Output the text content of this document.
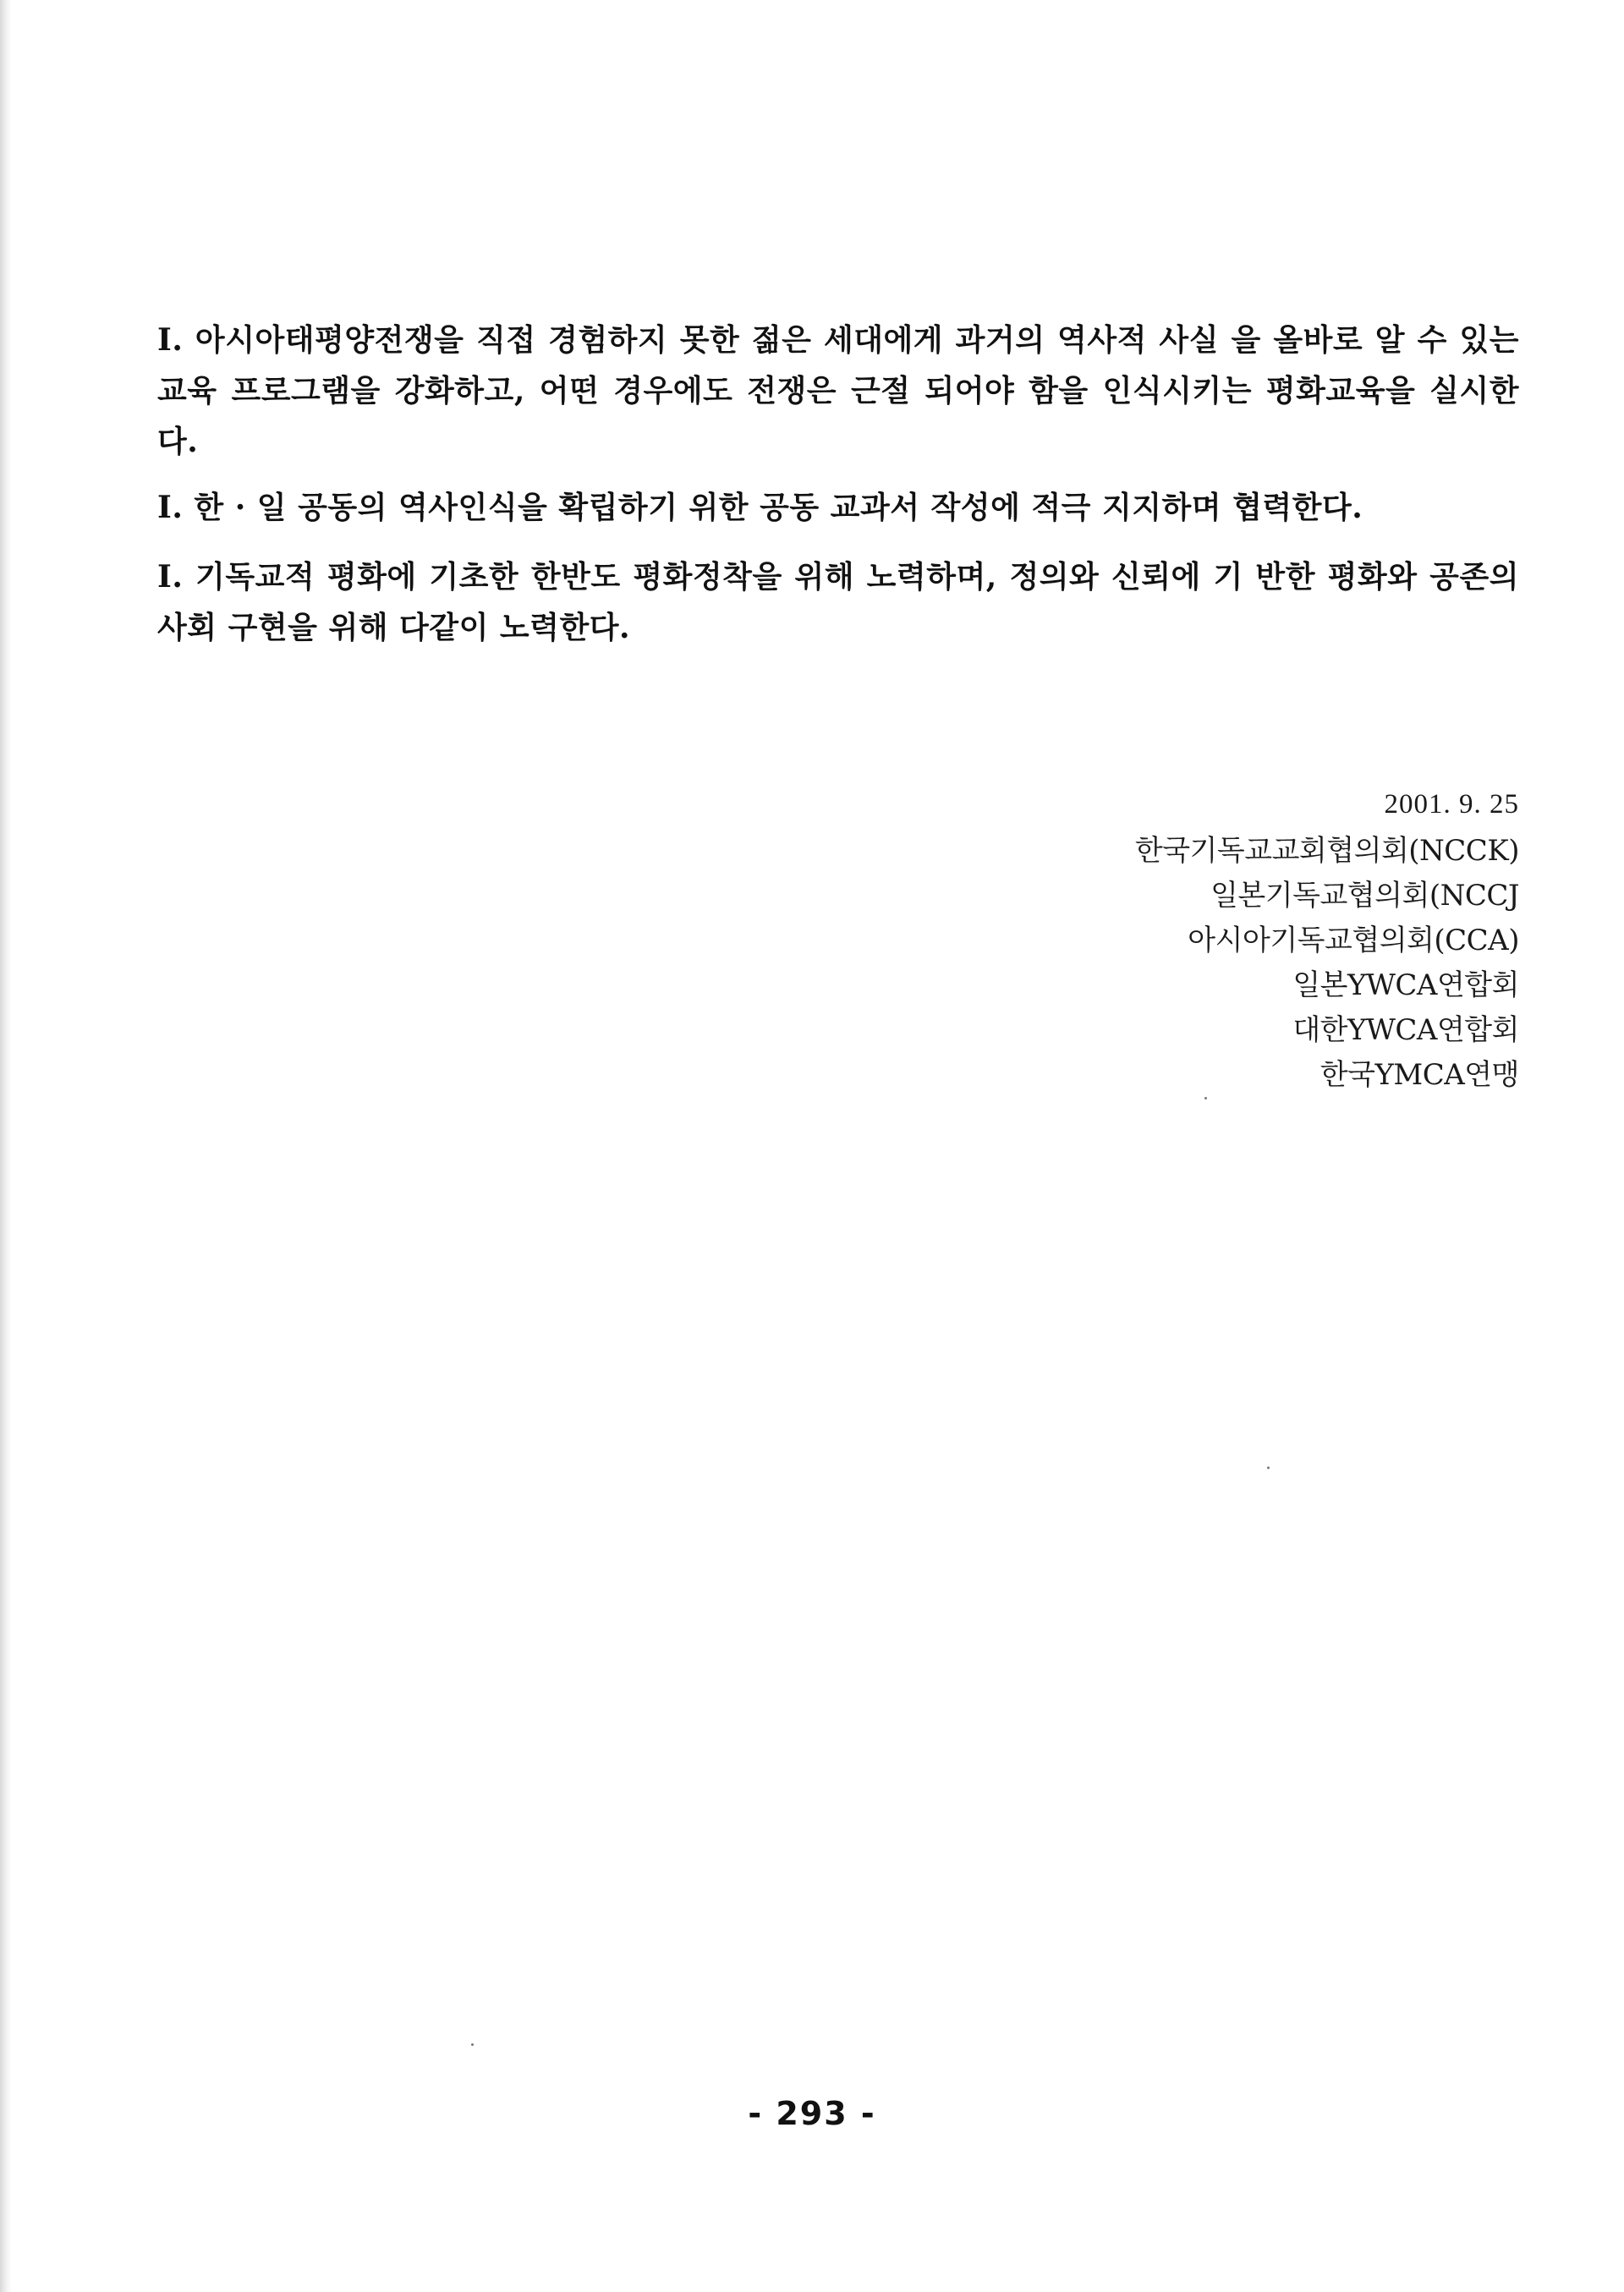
I. 아시아태평양전쟁을 직접 경험하지 못한 젊은 세대에게 과거의 역사적 사실 을 올바로 알 수 있는 교육 프로그램을 강화하고, 어떤 경우에도 전쟁은 근절 되어야 함을 인식시키는 평화교육을 실시한다.

I. 한 · 일 공동의 역사인식을 확립하기 위한 공동 교과서 작성에 적극 지지하며 협력한다.

I. 기독교적 평화에 기초한 한반도 평화정착을 위해 노력하며, 정의와 신뢰에 기 반한 평화와 공존의 사회 구현을 위해 다같이 노력한다.

2001. 9. 25
한국기독교교회협의회(NCCK)
일본기독교협의회(NCCJ
아시아기독교협의회(CCA)
일본YWCA연합회
대한YWCA연합회
한국YMCA연맹
- 293 -
